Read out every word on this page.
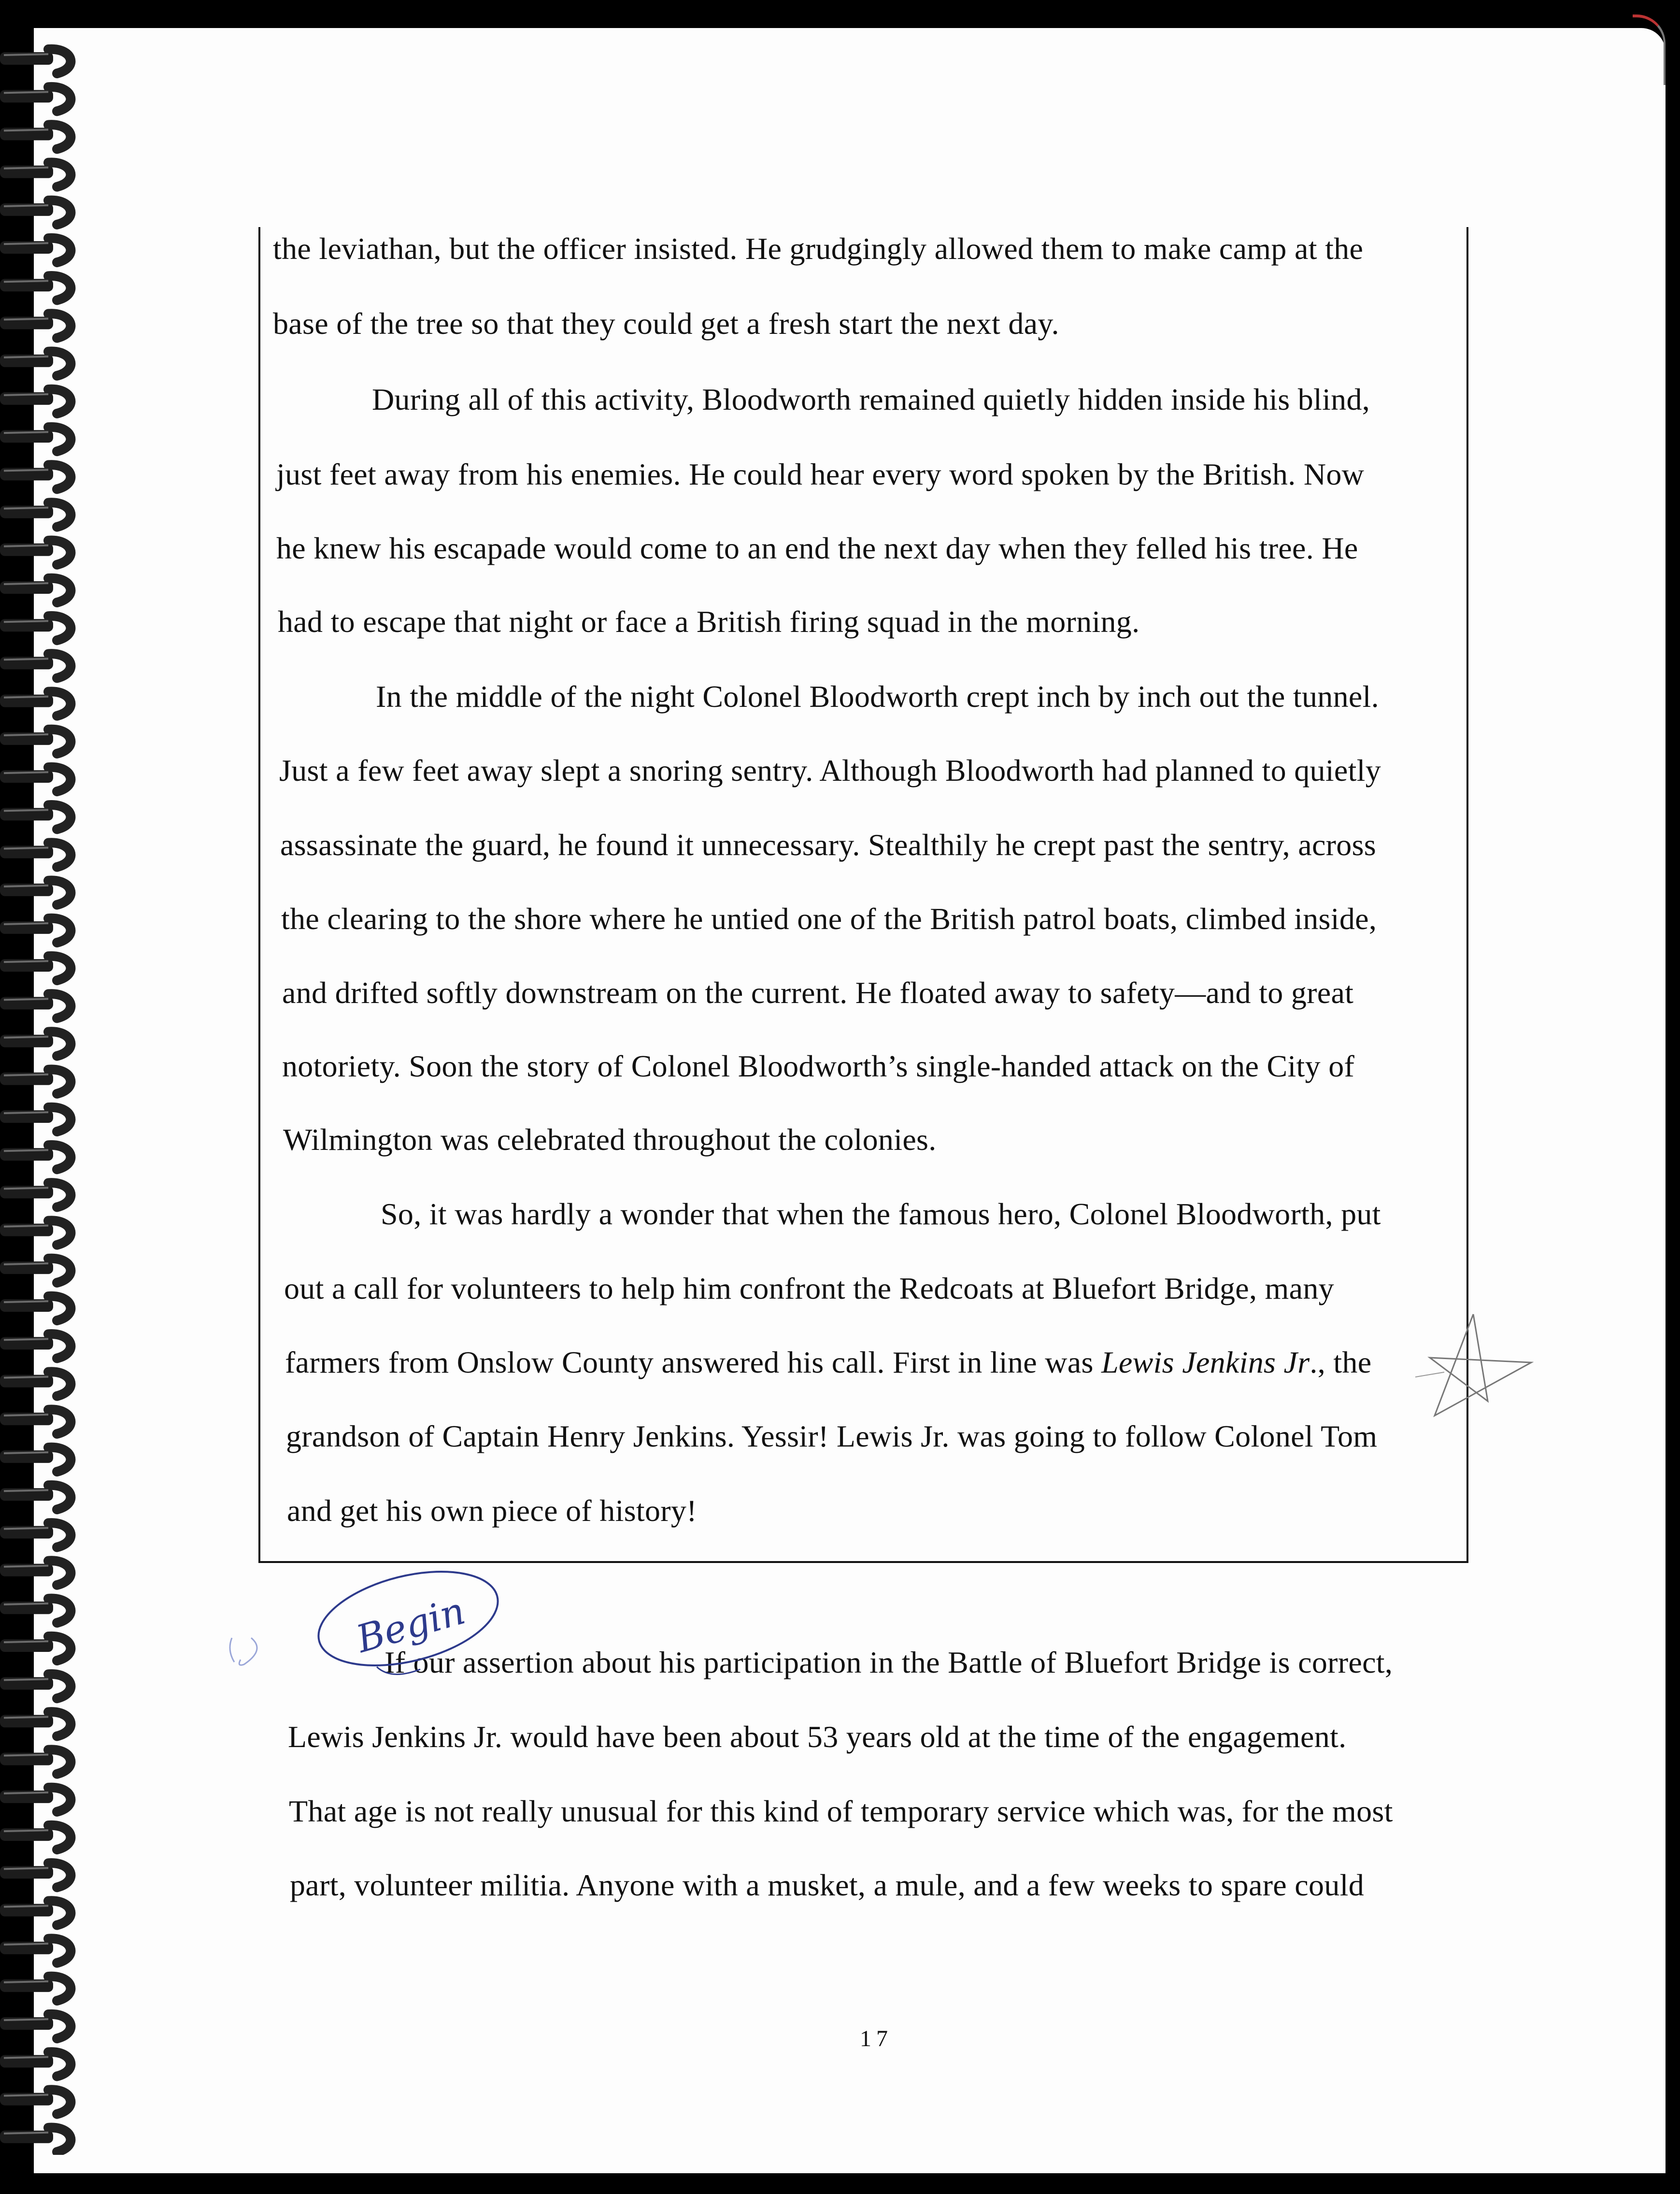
the leviathan, but the officer insisted. He grudgingly allowed them to make camp at the
base of the tree so that they could get a fresh start the next day.
During all of this activity, Bloodworth remained quietly hidden inside his blind,
just feet away from his enemies. He could hear every word spoken by the British. Now
he knew his escapade would come to an end the next day when they felled his tree. He
had to escape that night or face a British firing squad in the morning.
In the middle of the night Colonel Bloodworth crept inch by inch out the tunnel.
Just a few feet away slept a snoring sentry. Although Bloodworth had planned to quietly
assassinate the guard, he found it unnecessary. Stealthily he crept past the sentry, across
the clearing to the shore where he untied one of the British patrol boats, climbed inside,
and drifted softly downstream on the current. He floated away to safety—and to great
notoriety. Soon the story of Colonel Bloodworth’s single-handed attack on the City of
Wilmington was celebrated throughout the colonies.
So, it was hardly a wonder that when the famous hero, Colonel Bloodworth, put
out a call for volunteers to help him confront the Redcoats at Bluefort Bridge, many
farmers from Onslow County answered his call. First in line was Lewis Jenkins Jr., the
grandson of Captain Henry Jenkins. Yessir! Lewis Jr. was going to follow Colonel Tom
and get his own piece of history!
If our assertion about his participation in the Battle of Bluefort Bridge is correct,
Lewis Jenkins Jr. would have been about 53 years old at the time of the engagement.
That age is not really unusual for this kind of temporary service which was, for the most
part, volunteer militia. Anyone with a musket, a mule, and a few weeks to spare could
17
Begin
